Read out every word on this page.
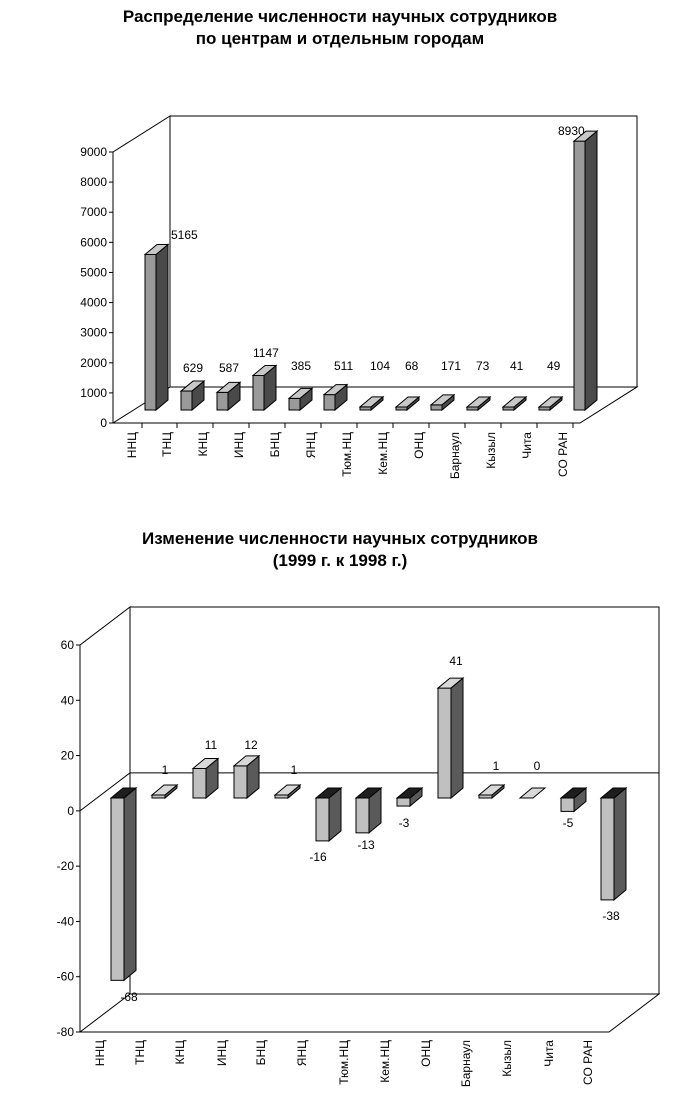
Распределение численности научных сотрудников
по центрам и отдельным городам
0
1000
2000
3000
4000
5000
6000
7000
8000
9000
ННЦ ТНЦ КНЦ ИНЦ БНЦ ЯНЦ Тюм.НЦ Кем.НЦ ОНЦ Барнаул Кызыл Чита СО РАН
5165
629 587
1147
385 511 104 68 171 73 41 49
8930
Изменение численности научных сотрудников
(1999 г. к 1998 г.)
-80
-60
-40
-20
0
20
40
60
-68
1
11 12
1
-16
-13
-3
41
1	0
-5
-38
ННЦ ТНЦ КНЦ ИНЦ БНЦ ЯНЦ Тюм.НЦ Кем.НЦ ОНЦ Барнаул Кызыл Чита СО РАН
